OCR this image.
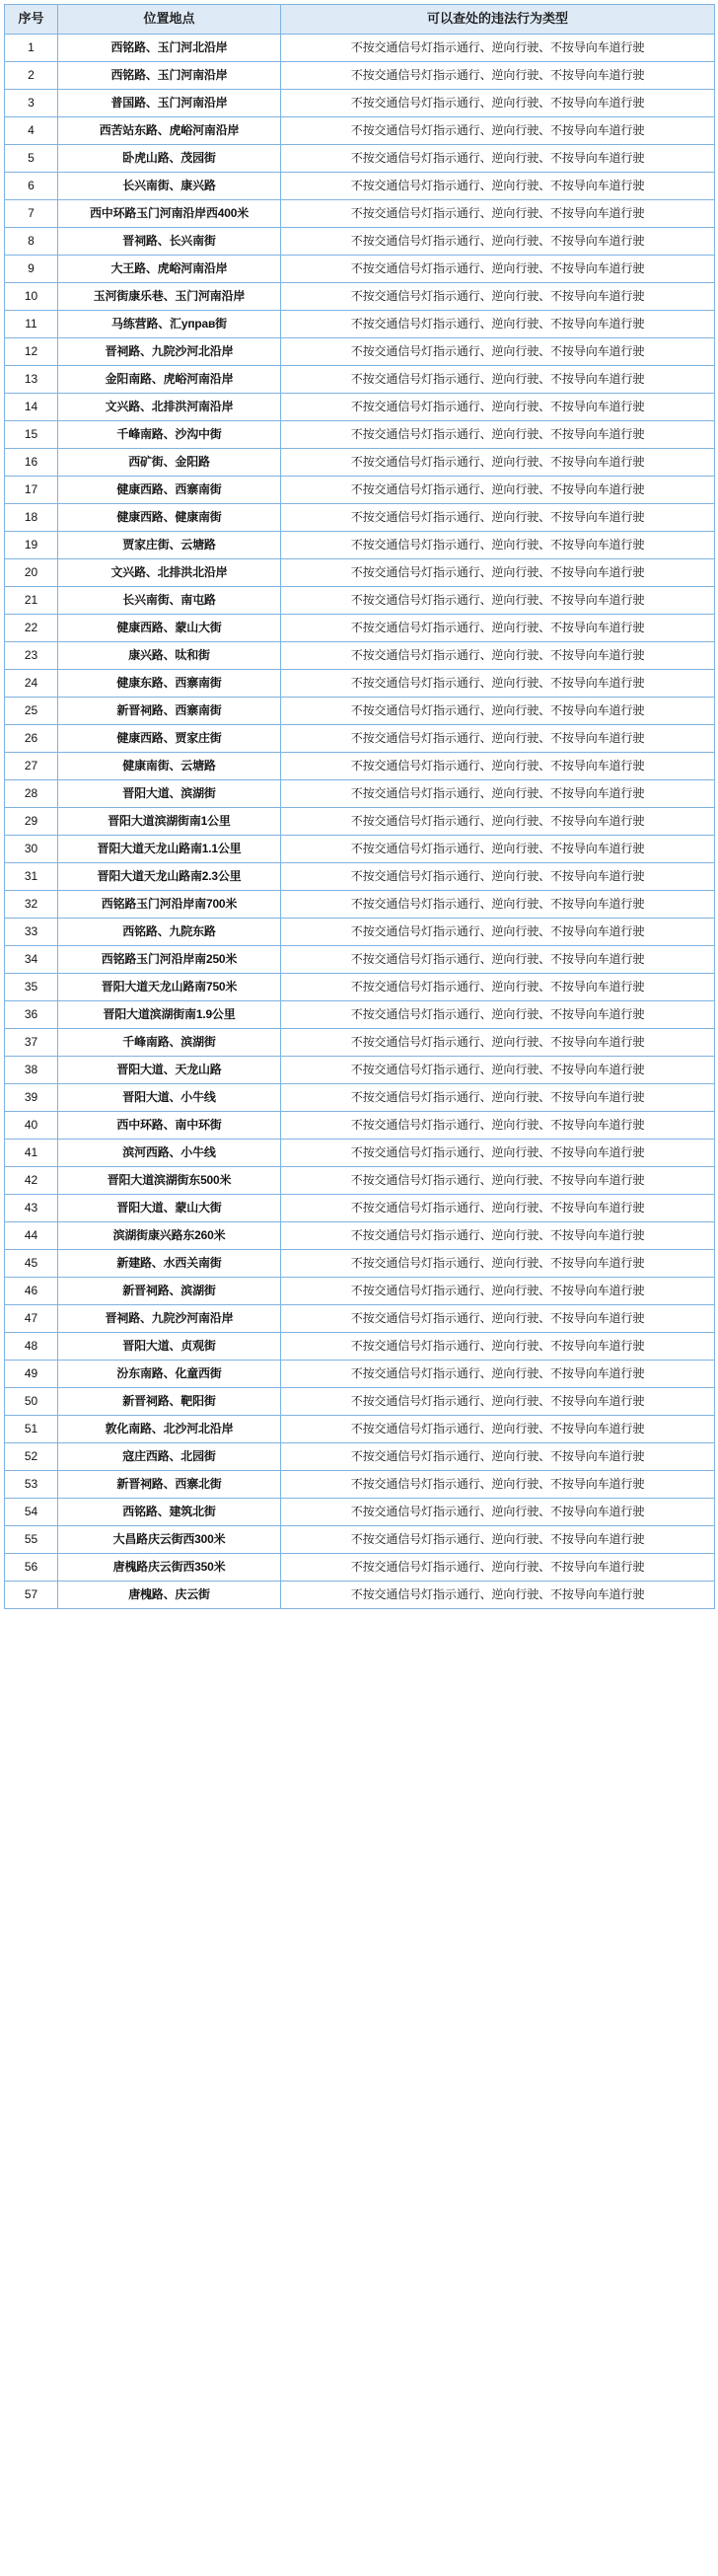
序号	位置地点	可以查处的违法行为类型
1	西铭路、玉门河北沿岸	不按交通信号灯指示通行、逆向行驶、不按导向车道行驶
2	西铭路、玉门河南沿岸	不按交通信号灯指示通行、逆向行驶、不按导向车道行驶
3	普国路、玉门河南沿岸	不按交通信号灯指示通行、逆向行驶、不按导向车道行驶
4	西苦站东路、虎峪河南沿岸	不按交通信号灯指示通行、逆向行驶、不按导向车道行驶
5	卧虎山路、茂园街	不按交通信号灯指示通行、逆向行驶、不按导向车道行驶
6	长兴南街、康兴路	不按交通信号灯指示通行、逆向行驶、不按导向车道行驶
7	西中环路玉门河南沿岸西400米	不按交通信号灯指示通行、逆向行驶、不按导向车道行驶
8	晋祠路、长兴南街	不按交通信号灯指示通行、逆向行驶、不按导向车道行驶
9	大王路、虎峪河南沿岸	不按交通信号灯指示通行、逆向行驶、不按导向车道行驶
10	玉河街康乐巷、玉门河南沿岸	不按交通信号灯指示通行、逆向行驶、不按导向车道行驶
11	马练营路、汇управ街	不按交通信号灯指示通行、逆向行驶、不按导向车道行驶
12	晋祠路、九院沙河北沿岸	不按交通信号灯指示通行、逆向行驶、不按导向车道行驶
13	金阳南路、虎峪河南沿岸	不按交通信号灯指示通行、逆向行驶、不按导向车道行驶
14	文兴路、北排洪河南沿岸	不按交通信号灯指示通行、逆向行驶、不按导向车道行驶
15	千峰南路、沙沟中街	不按交通信号灯指示通行、逆向行驶、不按导向车道行驶
16	西矿街、金阳路	不按交通信号灯指示通行、逆向行驶、不按导向车道行驶
17	健康西路、西寨南街	不按交通信号灯指示通行、逆向行驶、不按导向车道行驶
18	健康西路、健康南街	不按交通信号灯指示通行、逆向行驶、不按导向车道行驶
19	贾家庄街、云塘路	不按交通信号灯指示通行、逆向行驶、不按导向车道行驶
20	文兴路、北排洪北沿岸	不按交通信号灯指示通行、逆向行驶、不按导向车道行驶
21	长兴南街、南屯路	不按交通信号灯指示通行、逆向行驶、不按导向车道行驶
22	健康西路、蒙山大街	不按交通信号灯指示通行、逆向行驶、不按导向车道行驶
23	康兴路、呔和街	不按交通信号灯指示通行、逆向行驶、不按导向车道行驶
24	健康东路、西寨南街	不按交通信号灯指示通行、逆向行驶、不按导向车道行驶
25	新晋祠路、西寨南街	不按交通信号灯指示通行、逆向行驶、不按导向车道行驶
26	健康西路、贾家庄街	不按交通信号灯指示通行、逆向行驶、不按导向车道行驶
27	健康南街、云塘路	不按交通信号灯指示通行、逆向行驶、不按导向车道行驶
28	晋阳大道、滨湖街	不按交通信号灯指示通行、逆向行驶、不按导向车道行驶
29	晋阳大道滨湖街南1公里	不按交通信号灯指示通行、逆向行驶、不按导向车道行驶
30	晋阳大道天龙山路南1.1公里	不按交通信号灯指示通行、逆向行驶、不按导向车道行驶
31	晋阳大道天龙山路南2.3公里	不按交通信号灯指示通行、逆向行驶、不按导向车道行驶
32	西铭路玉门河沿岸南700米	不按交通信号灯指示通行、逆向行驶、不按导向车道行驶
33	西铭路、九院东路	不按交通信号灯指示通行、逆向行驶、不按导向车道行驶
34	西铭路玉门河沿岸南250米	不按交通信号灯指示通行、逆向行驶、不按导向车道行驶
35	晋阳大道天龙山路南750米	不按交通信号灯指示通行、逆向行驶、不按导向车道行驶
36	晋阳大道滨湖街南1.9公里	不按交通信号灯指示通行、逆向行驶、不按导向车道行驶
37	千峰南路、滨湖街	不按交通信号灯指示通行、逆向行驶、不按导向车道行驶
38	晋阳大道、天龙山路	不按交通信号灯指示通行、逆向行驶、不按导向车道行驶
39	晋阳大道、小牛线	不按交通信号灯指示通行、逆向行驶、不按导向车道行驶
40	西中环路、南中环街	不按交通信号灯指示通行、逆向行驶、不按导向车道行驶
41	滨河西路、小牛线	不按交通信号灯指示通行、逆向行驶、不按导向车道行驶
42	晋阳大道滨湖街东500米	不按交通信号灯指示通行、逆向行驶、不按导向车道行驶
43	晋阳大道、蒙山大街	不按交通信号灯指示通行、逆向行驶、不按导向车道行驶
44	滨湖街康兴路东260米	不按交通信号灯指示通行、逆向行驶、不按导向车道行驶
45	新建路、水西关南街	不按交通信号灯指示通行、逆向行驶、不按导向车道行驶
46	新晋祠路、滨湖街	不按交通信号灯指示通行、逆向行驶、不按导向车道行驶
47	晋祠路、九院沙河南沿岸	不按交通信号灯指示通行、逆向行驶、不按导向车道行驶
48	晋阳大道、贞观街	不按交通信号灯指示通行、逆向行驶、不按导向车道行驶
49	汾东南路、化童西街	不按交通信号灯指示通行、逆向行驶、不按导向车道行驶
50	新晋祠路、靶阳街	不按交通信号灯指示通行、逆向行驶、不按导向车道行驶
51	敦化南路、北沙河北沿岸	不按交通信号灯指示通行、逆向行驶、不按导向车道行驶
52	寇庄西路、北园街	不按交通信号灯指示通行、逆向行驶、不按导向车道行驶
53	新晋祠路、西寨北街	不按交通信号灯指示通行、逆向行驶、不按导向车道行驶
54	西铭路、建筑北街	不按交通信号灯指示通行、逆向行驶、不按导向车道行驶
55	大昌路庆云街西300米	不按交通信号灯指示通行、逆向行驶、不按导向车道行驶
56	唐槐路庆云街西350米	不按交通信号灯指示通行、逆向行驶、不按导向车道行驶
57	唐槐路、庆云街	不按交通信号灯指示通行、逆向行驶、不按导向车道行驶
